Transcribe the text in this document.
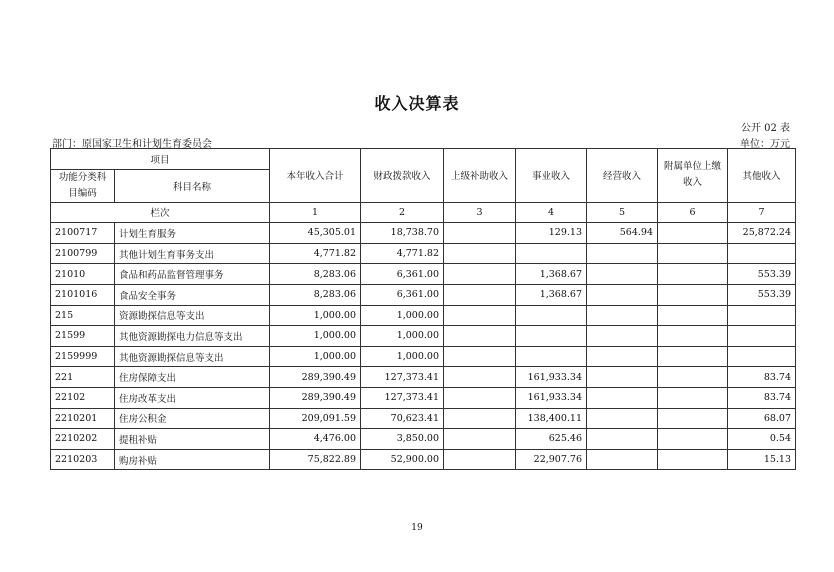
收入决算表
公开 02 表
部门：原国家卫生和计划生育委员会	单位：万元
项目		本年收入合计	财政拨款收入	上级补助收入	事业收入	经营收入	附属单位上缴收入	其他收入
功能分类科目编码	科目名称							
栏次		1	2	3	4	5	6	7
2100717	计划生育服务	45,305.01	18,738.70		129.13	564.94		25,872.24
2100799	其他计划生育事务支出	4,771.82	4,771.82					
21010	食品和药品监督管理事务	8,283.06	6,361.00		1,368.67			553.39
2101016	食品安全事务	8,283.06	6,361.00		1,368.67			553.39
215	资源勘探信息等支出	1,000.00	1,000.00					
21599	其他资源勘探电力信息等支出	1,000.00	1,000.00					
2159999	其他资源勘探信息等支出	1,000.00	1,000.00					
221	住房保障支出	289,390.49	127,373.41		161,933.34			83.74
22102	住房改革支出	289,390.49	127,373.41		161,933.34			83.74
2210201	住房公积金	209,091.59	70,623.41		138,400.11			68.07
2210202	提租补贴	4,476.00	3,850.00		625.46			0.54
2210203	购房补贴	75,822.89	52,900.00		22,907.76			15.13
19
